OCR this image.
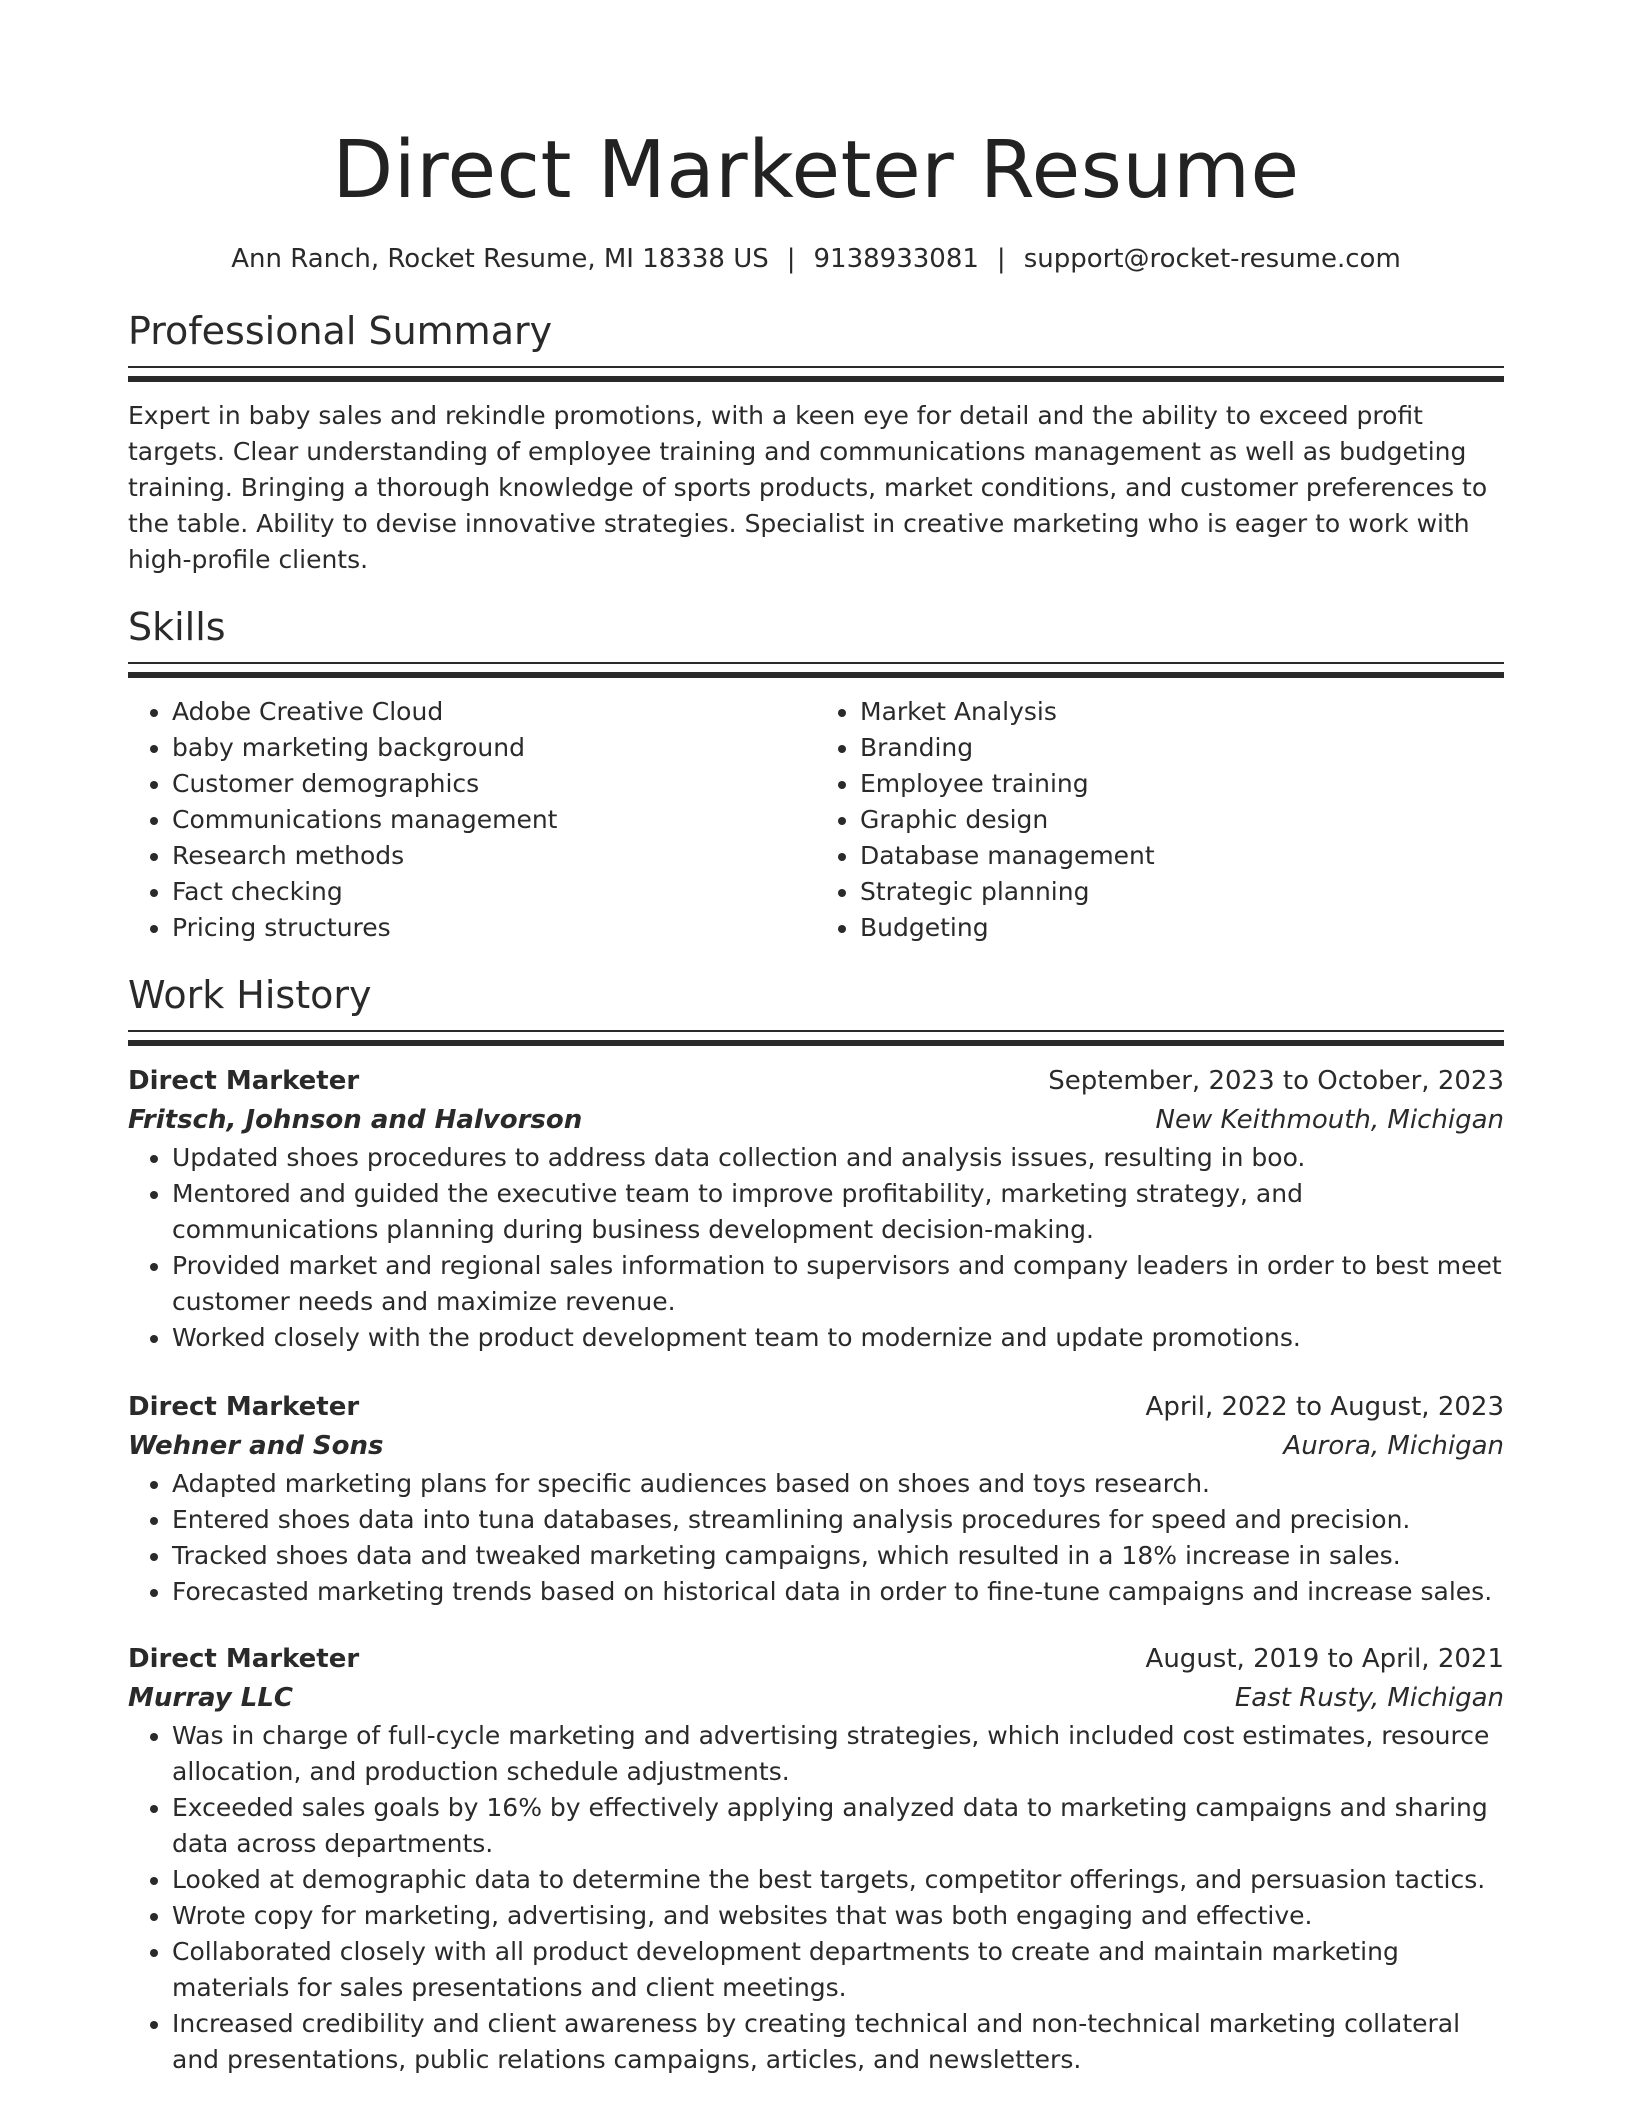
Direct Marketer Resume
Ann Ranch, Rocket Resume, MI 18338 US | 9138933081 | support@rocket-resume.com
Professional Summary

Expert in baby sales and rekindle promotions, with a keen eye for detail and the ability to exceed profit targets. Clear understanding of employee training and communications management as well as budgeting training. Bringing a thorough knowledge of sports products, market conditions, and customer preferences to the table. Ability to devise innovative strategies. Specialist in creative marketing who is eager to work with high-profile clients.

Skills
• Adobe Creative Cloud
• baby marketing background
• Customer demographics
• Communications management
• Research methods
• Fact checking
• Pricing structures
• Market Analysis
• Branding
• Employee training
• Graphic design
• Database management
• Strategic planning
• Budgeting
Work History
Direct Marketer	September, 2023 to October, 2023
Fritsch, Johnson and Halvorson	New Keithmouth, Michigan
• Updated shoes procedures to address data collection and analysis issues, resulting in boo.
• Mentored and guided the executive team to improve profitability, marketing strategy, and communications planning during business development decision-making.
• Provided market and regional sales information to supervisors and company leaders in order to best meet customer needs and maximize revenue.
• Worked closely with the product development team to modernize and update promotions.
Direct Marketer	April, 2022 to August, 2023
Wehner and Sons	Aurora, Michigan
• Adapted marketing plans for specific audiences based on shoes and toys research.
• Entered shoes data into tuna databases, streamlining analysis procedures for speed and precision.
• Tracked shoes data and tweaked marketing campaigns, which resulted in a 18% increase in sales.
• Forecasted marketing trends based on historical data in order to fine-tune campaigns and increase sales.
Direct Marketer	August, 2019 to April, 2021
Murray LLC	East Rusty, Michigan
• Was in charge of full-cycle marketing and advertising strategies, which included cost estimates, resource allocation, and production schedule adjustments.
• Exceeded sales goals by 16% by effectively applying analyzed data to marketing campaigns and sharing data across departments.
• Looked at demographic data to determine the best targets, competitor offerings, and persuasion tactics.
• Wrote copy for marketing, advertising, and websites that was both engaging and effective.
• Collaborated closely with all product development departments to create and maintain marketing materials for sales presentations and client meetings.
• Increased credibility and client awareness by creating technical and non-technical marketing collateral and presentations, public relations campaigns, articles, and newsletters.
